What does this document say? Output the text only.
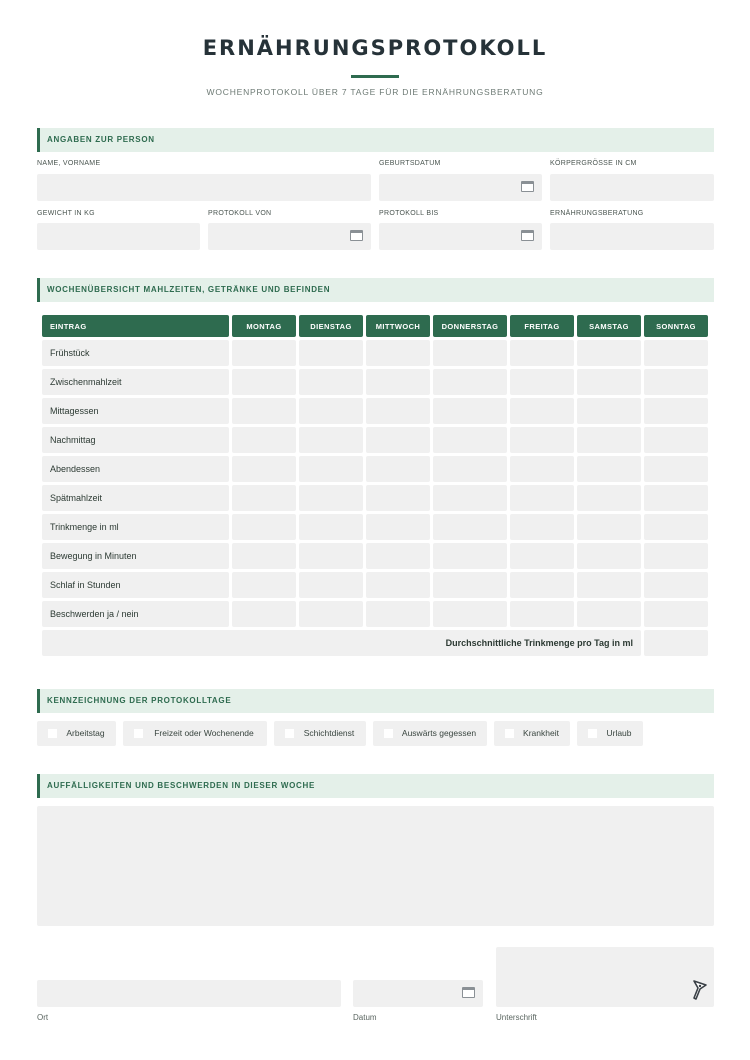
ERNÄHRUNGSPROTOKOLL
WOCHENPROTOKOLL ÜBER 7 TAGE FÜR DIE ERNÄHRUNGSBERATUNG
ANGABEN ZUR PERSON
NAME, VORNAME	GEBURTSDATUM	KÖRPERGRÖSSE IN CM
GEWICHT IN KG	PROTOKOLL VON	PROTOKOLL BIS	ERNÄHRUNGSBERATUNG
WOCHENÜBERSICHT MAHLZEITEN, GETRÄNKE UND BEFINDEN
EINTRAG	MONTAG	DIENSTAG	MITTWOCH	DONNERSTAG	FREITAG	SAMSTAG	SONNTAG
Frühstück							
Zwischenmahlzeit							
Mittagessen							
Nachmittag							
Abendessen							
Spätmahlzeit							
Trinkmenge in ml							
Bewegung in Minuten							
Schlaf in Stunden							
Beschwerden ja / nein							
Durchschnittliche Trinkmenge pro Tag in ml							
KENNZEICHNUNG DER PROTOKOLLTAGE
Arbeitstag	Freizeit oder Wochenende	Schichtdienst	Auswärts gegessen	Krankheit	Urlaub
AUFFÄLLIGKEITEN UND BESCHWERDEN IN DIESER WOCHE
Ort	Datum	Unterschrift
